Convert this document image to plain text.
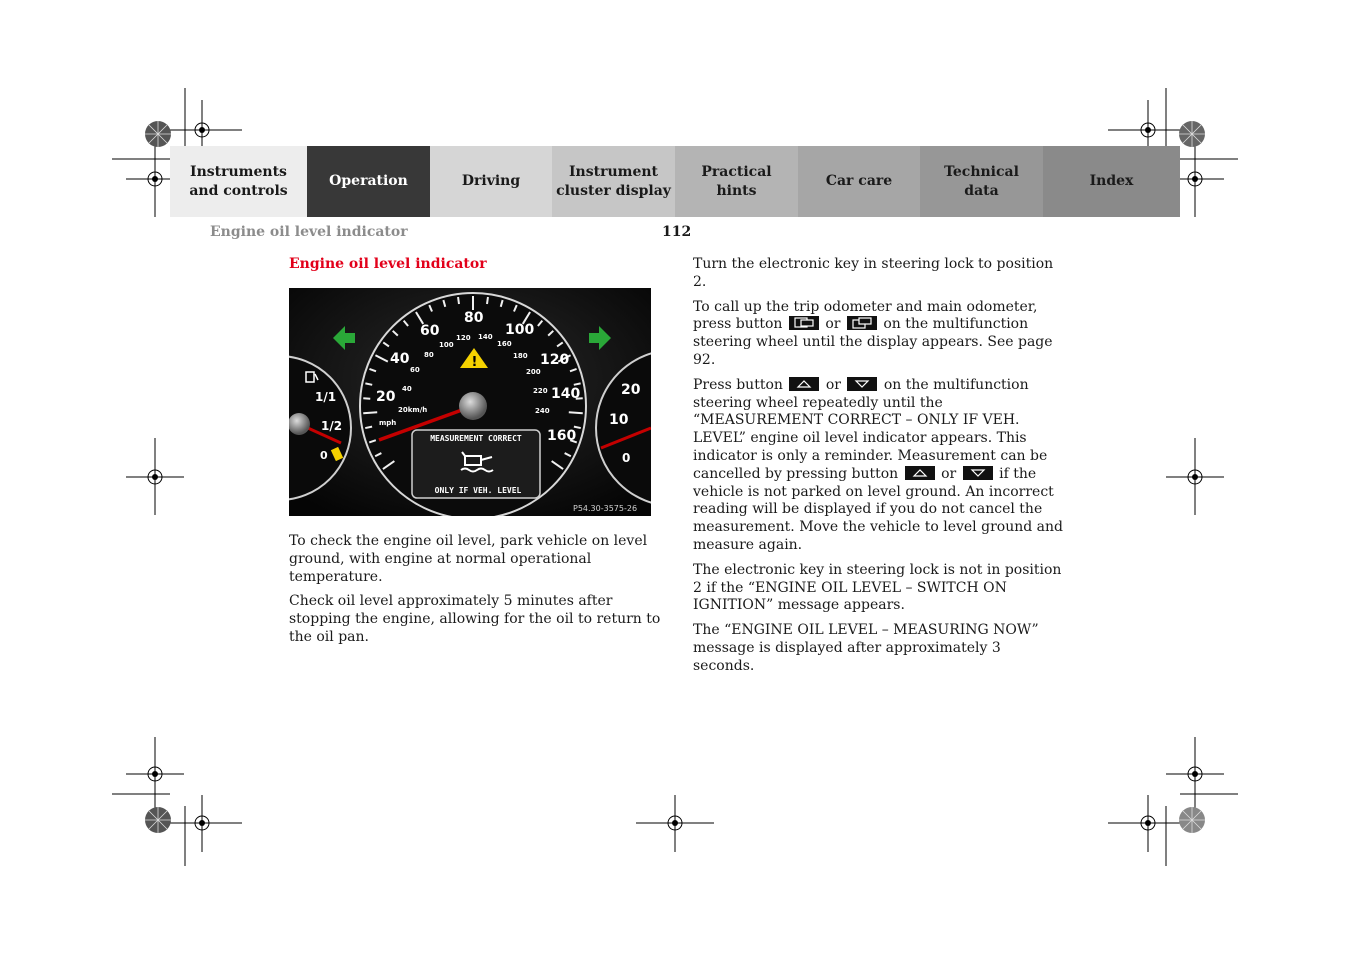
Instruments
and controls
Operation	Driving
Instrument
cluster display
Practical hints
Car care
Technical
data
Index
Engine oil level indicator	112
Engine oil level indicator
1/1
1/2
0
20
10
0
!
20
40
60
80
100
120
140
160
20km/h
40
60
80
100
120 140
160
180
200
220
240
mph
MEASUREMENT CORRECT
ONLY IF VEH. LEVEL
P54.30-3575-26

To check the engine oil level, park vehicle on level ground, with engine at normal operational temperature.

Check oil level approximately 5 minutes after stopping the engine, allowing for the oil to return to the oil pan.

Turn the electronic key in steering lock to position 2.

To call up the trip odometer and main odometer, press button	or	on the multifunction steering wheel until the display appears. See page 92.

Press button	or	on the multifunction steering wheel repeatedly until the “MEASUREMENT CORRECT – ONLY IF VEH. LEVEL” engine oil level indicator appears. This indicator is only a reminder. Measurement can be cancelled by pressing button	or	if the vehicle is not parked on level ground. An incorrect reading will be displayed if you do not cancel the measurement. Move the vehicle to level ground and measure again.

The electronic key in steering lock is not in position 2 if the “ENGINE OIL LEVEL – SWITCH ON IGNITION” message appears.

The “ENGINE OIL LEVEL – MEASURING NOW” message is displayed after approximately 3 seconds.
